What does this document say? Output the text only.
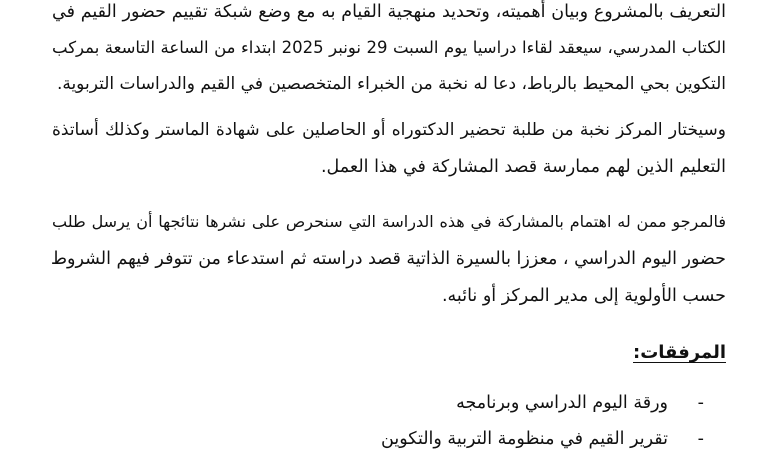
التعريف بالمشروع وبيان أهميته، وتحديد منهجية القيام به مع وضع شبكة تقييم حضور القيم في

الكتاب المدرسي، سيعقد لقاءا دراسيا يوم السبت 29 نونبر 2025 ابتداء من الساعة التاسعة بمركب

التكوين بحي المحيط بالرباط، دعا له نخبة من الخبراء المتخصصين في القيم والدراسات التربوية.

وسيختار المركز نخبة من طلبة تحضير الدكتوراه أو الحاصلين على شهادة الماستر وكذلك أساتذة

التعليم الذين لهم ممارسة قصد المشاركة في هذا العمل.

فالمرجو ممن له اهتمام بالمشاركة في هذه الدراسة التي سنحرص على نشرها نتائجها أن يرسل طلب

حضور اليوم الدراسي ، معززا بالسيرة الذاتية قصد دراسته ثم استدعاء من تتوفر فيهم الشروط

حسب الأولوية إلى مدير المركز أو نائبه.

المرفقات:
-ورقة اليوم الدراسي وبرنامجه
-تقرير القيم في منظومة التربية والتكوين
